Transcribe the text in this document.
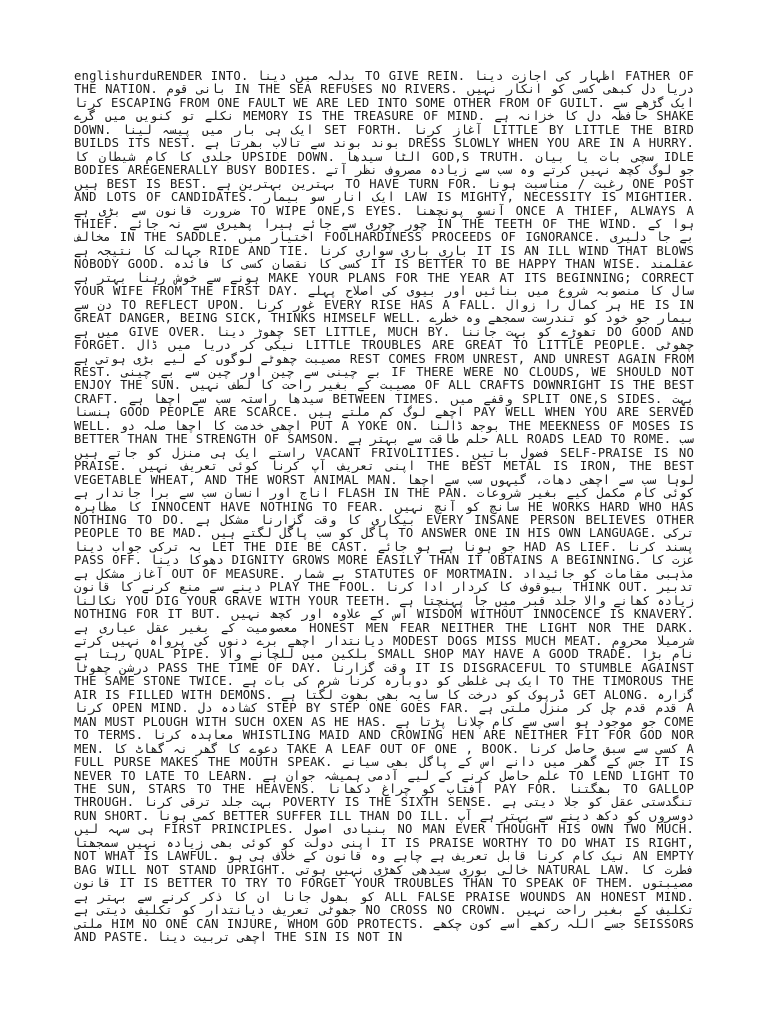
englishurduRENDER INTO. بدلہ میں دینا TO GIVE REIN. اظہار کی اجازت دینا FATHER OF THE NATION. بانی قوم IN THE SEA REFUSES NO RIVERS. دریا دل کبھی کسی کو انکار نہیں کرتا ESCAPING FROM ONE FAULT WE ARE LED INTO SOME OTHER FROM OF GUILT. ایک گڑھے سے نکلے تو کنویں میں گرے MEMORY IS THE TREASURE OF MIND. حافظہ دل کا خزانہ ہے SHAKE DOWN. ایک ہی بار میں پیسہ لینا SET FORTH. آغاز کرنا LITTLE BY LITTLE THE BIRD BUILDS ITS NEST. بوند بوند سے تالاب بھرتا ہے DRESS SLOWLY WHEN YOU ARE IN A HURRY. جلدی کا کام شیطان کا UPSIDE DOWN. الٹا سیدھا GOD,S TRUTH. سچی بات یا بیان IDLE BODIES AREGENERALLY BUSY BODIES. جو لوگ کچھ نہیں کرتے وہ سب سے زیادہ مصروف نظر آتے ہیں BEST IS BEST. بہترین بہترین ہے TO HAVE TURN FOR. رغبت / مناسبت ہونا ONE POST AND LOTS OF CANDIDATES. ایک انار سو بیمار LAW IS MIGHTY, NECESSITY IS MIGHTIER. ضرورت قانون سے بڑی ہے TO WIPE ONE,S EYES. آنسو پونچھنا ONCE A THIEF, ALWAYS A THIEF. چور چوری سے جائے ہیرا پھیری سے نہ جائے IN THE TEETH OF THE WIND. ہوا کے مخالف IN THE SADDLE. اختیار میں FOOLHARDINESS PROCEEDS OF IGNORANCE. بے جا دلیری جہالت کا نتیجہ ہے RIDE AND TIE. باری باری سواری کرنا IT IS AN ILL WIND THAT BLOWS NOBODY GOOD. کسی کا نقصان کسی کا فائدہ IT IS BETTER TO BE HAPPY THAN WISE. عقلمند ہونے سے خوش رہنا بہتر ہے MAKE YOUR PLANS FOR THE YEAR AT ITS BEGINNING; CORRECT YOUR WIFE FROM THE FIRST DAY. سال کا منصوبہ شروع میں بنائیں اور بیوی کی اصلاح پہلے دن سے TO REFLECT UPON. غور کرنا EVERY RISE HAS A FALL. ہر کمال را زوال HE IS IN GREAT DANGER, BEING SICK, THINKS HIMSELF WELL. بیمار جو خود کو تندرست سمجھے وہ خطرے میں ہے GIVE OVER. چھوڑ دینا SET LITTLE, MUCH BY. تھوڑے کو بہت جاننا DO GOOD AND FORGET. نیکی کر دریا میں ڈال LITTLE TROUBLES ARE GREAT TO LITTLE PEOPLE. چھوٹی مصیبت چھوٹے لوگوں کے لیے بڑی ہوتی ہے REST COMES FROM UNREST, AND UNREST AGAIN FROM REST. بے چینی سے چین اور چین سے بے چینی IF THERE WERE NO CLOUDS, WE SHOULD NOT ENJOY THE SUN. مصیبت کے بغیر راحت کا لطف نہیں OF ALL CRAFTS DOWNRIGHT IS THE BEST CRAFT. سیدھا راستہ سب سے اچھا ہے BETWEEN TIMES. وقفے میں SPLIT ONE,S SIDES. بہت ہنسنا GOOD PEOPLE ARE SCARCE. اچھے لوگ کم ملتے ہیں PAY WELL WHEN YOU ARE SERVED WELL. اچھی خدمت کا اچھا صلہ دو PUT A YOKE ON. بوجھ ڈالنا THE MEEKNESS OF MOSES IS BETTER THAN THE STRENGTH OF SAMSON. حلم طاقت سے بہتر ہے ALL ROADS LEAD TO ROME. سب راستے ایک ہی منزل کو جاتے ہیں VACANT FRIVOLITIES. فضول باتیں SELF-PRAISE IS NO PRAISE. اپنی تعریف آپ کرنا کوئی تعریف نہیں THE BEST METAL IS IRON, THE BEST VEGETABLE WHEAT, AND THE WORST ANIMAL MAN. لوہا سب سے اچھی دھات، گیہوں سب سے اچھا اناج اور انسان سب سے برا جاندار ہے FLASH IN THE PAN. کوئی کام مکمل کیے بغیر شروعات کا مظاہرہ INNOCENT HAVE NOTHING TO FEAR. سانچ کو آنچ نہیں HE WORKS HARD WHO HAS NOTHING TO DO. بیکاری کا وقت گزارنا مشکل ہے EVERY INSANE PERSON BELIEVES OTHER PEOPLE TO BE MAD. پاگل کو سب پاگل لگتے ہیں TO ANSWER ONE IN HIS OWN LANGUAGE. ترکی بہ ترکی جواب دینا LET THE DIE BE CAST. جو ہونا ہے ہو جائے HAD AS LIEF. پسند کرنا PASS OFF. دھوکا دینا DIGNITY GROWS MORE EASILY THAN IT OBTAINS A BEGINNING. عزت کا آغاز مشکل ہے OUT OF MEASURE. بے شمار STATUTES OF MORTMAIN. مذہبی مقامات کو جائیداد دینے سے منع کرنے کا قانون PLAY THE FOOL. بیوقوف کا کردار ادا کرنا THINK OUT. تدبیر نکالنا YOU DIG YOUR GRAVE WITH YOUR TEETH. زیادہ کھانے والا جلد قبر میں جا پہنچتا ہے NOTHING FOR IT BUT. اس کے علاوہ اور کچھ نہیں WISDOM WITHOUT INNOCENCE IS KNAVERY. معصومیت کے بغیر عقل عیاری ہے HONEST MEN FEAR NEITHER THE LIGHT NOR THE DARK. دیانتدار اچھے برے دنوں کی پرواہ نہیں کرتے MODEST DOGS MISS MUCH MEAT. شرمیلا محروم رہتا ہے QUAL PIPE. بلکین میں للچانے والا SMALL SHOP MAY HAVE A GOOD TRADE. نام بڑا درشن چھوٹا PASS THE TIME OF DAY. وقت گزارنا IT IS DISGRACEFUL TO STUMBLE AGAINST THE SAME STONE TWICE. ایک ہی غلطی کو دوبارہ کرنا شرم کی بات ہے TO THE TIMOROUS THE AIR IS FILLED WITH DEMONS. ڈرپوک کو درخت کا سایہ بھی بھوت لگتا ہے GET ALONG. گزارہ کرنا OPEN MIND. کشادہ دل STEP BY STEP ONE GOES FAR. قدم قدم چل کر منزل ملتی ہے A MAN MUST PLOUGH WITH SUCH OXEN AS HE HAS. جو موجود ہو اسی سے کام چلانا پڑتا ہے COME TO TERMS. معاہدہ کرنا WHISTLING MAID AND CROWING HEN ARE NEITHER FIT FOR GOD NOR MEN. دعوے کا گھر نہ گھاٹ کا TAKE A LEAF OUT OF ONE , BOOK. کسی سے سبق حاصل کرنا A FULL PURSE MAKES THE MOUTH SPEAK. جس کے گھر میں دانے اس کے پاگل بھی سیانے IT IS NEVER TO LATE TO LEARN. علم حاصل کرنے کے لیے آدمی ہمیشہ جوان ہے TO LEND LIGHT TO THE SUN, STARS TO THE HEAVENS. آفتاب کو چراغ دکھانا PAY FOR. بھگتنا TO GALLOP THROUGH. بہت جلد ترقی کرنا POVERTY IS THE SIXTH SENSE. تنگدستی عقل کو جلا دیتی ہے RUN SHORT. کمی ہونا BETTER SUFFER ILL THAN DO ILL. دوسروں کو دکھ دینے سے بہتر ہے آپ ہی سہہ لیں FIRST PRINCIPLES. بنیادی اصول NO MAN EVER THOUGHT HIS OWN TWO MUCH. اپنی دولت کو کوئی بھی زیادہ نہیں سمجھتا IT IS PRAISE WORTHY TO DO WHAT IS RIGHT, NOT WHAT IS LAWFUL. نیک کام کرنا قابل تعریف ہے چاہے وہ قانون کے خلاف ہی ہو AN EMPTY BAG WILL NOT STAND UPRIGHT. خالی بوری سیدھی کھڑی نہیں ہوتی NATURAL LAW. فطرت کا قانون IT IS BETTER TO TRY TO FORGET YOUR TROUBLES THAN TO SPEAK OF THEM. مصیبتوں کو بھول جانا ان کا ذکر کرنے سے بہتر ہے ALL FALSE PRAISE WOUNDS AN HONEST MIND. جھوٹی تعریف دیانتدار کو تکلیف دیتی ہے NO CROSS NO CROWN. تکلیف کے بغیر راحت نہیں ملتی HIM NO ONE CAN INJURE, WHOM GOD PROTECTS. جسے اللہ رکھے اسے کون چکھے SEISSORS AND PASTE. اچھی تربیت دینا THE SIN IS NOT IN
